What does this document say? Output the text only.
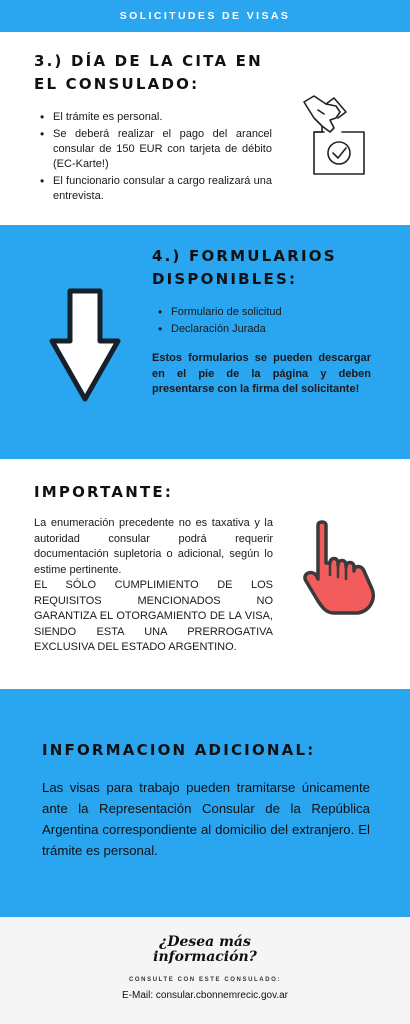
SOLICITUDES DE VISAS
3.) DÍA DE LA CITA EN EL CONSULADO:
• El trámite es personal.
• Se deberá realizar el pago del arancel consular de 150 EUR con tarjeta de débito (EC-Karte!)
• El funcionario consular a cargo realizará una entrevista.
4.) FORMULARIOS DISPONIBLES:
• Formulario de solicitud
• Declaración Jurada
Estos formularios se pueden descargar en el pie de la página y deben presentarse con la firma del solicitante!
IMPORTANTE:

La enumeración precedente no es taxativa y la autoridad consular podrá requerir documentación supletoria o adicional, según lo estime pertinente.

EL SÓLO CUMPLIMIENTO DE LOS REQUISITOS MENCIONADOS NO GARANTIZA EL OTORGAMIENTO DE LA VISA, SIENDO ESTA UNA PRERROGATIVA EXCLUSIVA DEL ESTADO ARGENTINO.

INFORMACION ADICIONAL:
Las visas para trabajo pueden tramitarse únicamente ante la Representación Consular de la República Argentina correspondiente al domicilio del extranjero. El trámite es personal.
¿Desea más
información?
CONSULTE CON ESTE CONSULADO:
E-Mail: consular.cbonnemrecic.gov.ar
